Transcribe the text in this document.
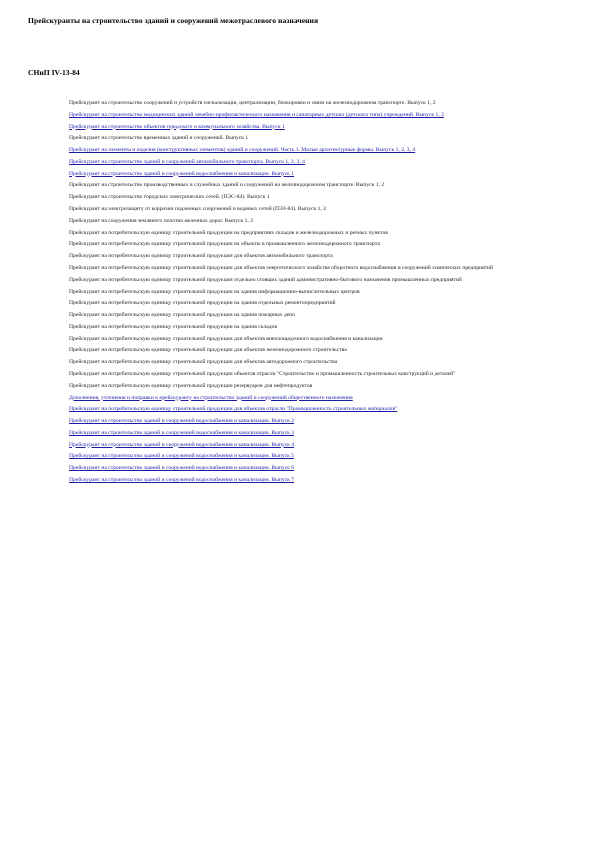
Прейскуранты на строительство зданий и сооружений межотраслевого назначения
СНиП IV-13-84
Прейскурант на строительство сооружений и устройств сигнализации, централизации, блокировки и связи на железнодорожном транспорте. Выпуск 1, 2
Прейскурант на строительство медицинских зданий лечебно-профилактического назначения и санаторных детских (детского типа) учреждений. Выпуск 1, 2
Прейскурант на строительство объектов городского и коммунального хозяйства. Выпуск 1
Прейскурант на строительство временных зданий и сооружений. Выпуск 1
Прейскурант на элементы и изделия (конструктивных элементов) зданий и сооружений. Часть 1. Малые архитектурные формы. Выпуск 1, 2, 3, 4
Прейскурант на строительство зданий и сооружений автомобильного транспорта. Выпуск 1, 2, 3, 4
Прейскурант на строительство зданий и сооружений водоснабжения и канализации. Выпуск 1
Прейскурант на строительство производственных и служебных зданий и сооружений на железнодорожном транспорте. Выпуск 1, 2
Прейскурант на строительство городских электрических сетей. (ПЭС-84). Выпуск 1
Прейскурант на электрозащиту от коррозии подземных сооружений и водяных сетей (ПЭЗ-84). Выпуск 1, 2
Прейскурант на сооружения земляного полотна железных дорог. Выпуск 1, 2
Прейскурант на потребительскую единицу строительной продукции на предприятиях складов и железнодорожных и речных пунктов
Прейскурант на потребительскую единицу строительной продукции на объекты в промышленного железнодорожного транспорта
Прейскурант на потребительскую единицу строительной продукции для объектов автомобильного транспорта
Прейскурант на потребительскую единицу строительной продукции для объектов энергетического хозяйства оборотного водоснабжения и сооружений химических предприятий
Прейскурант на потребительскую единицу строительной продукции отдельно стоящих зданий административно-бытового назначения промышленных предприятий
Прейскурант на потребительскую единицу строительной продукции на здания информационно-вычислительных центров
Прейскурант на потребительскую единицу строительной продукции на здания отдельных ремонтопредприятий
Прейскурант на потребительскую единицу строительной продукции на здания пожарных депо
Прейскурант на потребительскую единицу строительной продукции на здания складов
Прейскурант на потребительскую единицу строительной продукции для объектов внеплощадочного водоснабжения и канализации
Прейскурант на потребительскую единицу строительной продукции для объектов железнодорожного строительства
Прейскурант на потребительскую единицу строительной продукции для объектов автодорожного строительства
Прейскурант на потребительскую единицу строительной продукции объектов отрасли "Строительство и промышленность строительных конструкций и деталей"
Прейскурант на потребительскую единицу строительной продукции резервуаров для нефтепродуктов
Дополнения, уточнения и поправки к прейскуранту на строительство зданий и сооружений общественного назначения
Прейскурант на потребительскую единицу строительной продукции для объектов отрасли "Промышленность строительных материалов"
Прейскурант на строительство зданий и сооружений водоснабжения и канализации. Выпуск 2
Прейскурант на строительство зданий и сооружений водоснабжения и канализации. Выпуск 3
Прейскурант на строительство зданий и сооружений водоснабжения и канализации. Выпуск 4
Прейскурант на строительство зданий и сооружений водоснабжения и канализации. Выпуск 5
Прейскурант на строительство зданий и сооружений водоснабжения и канализации. Выпуск 6
Прейскурант на строительство зданий и сооружений водоснабжения и канализации. Выпуск 7
